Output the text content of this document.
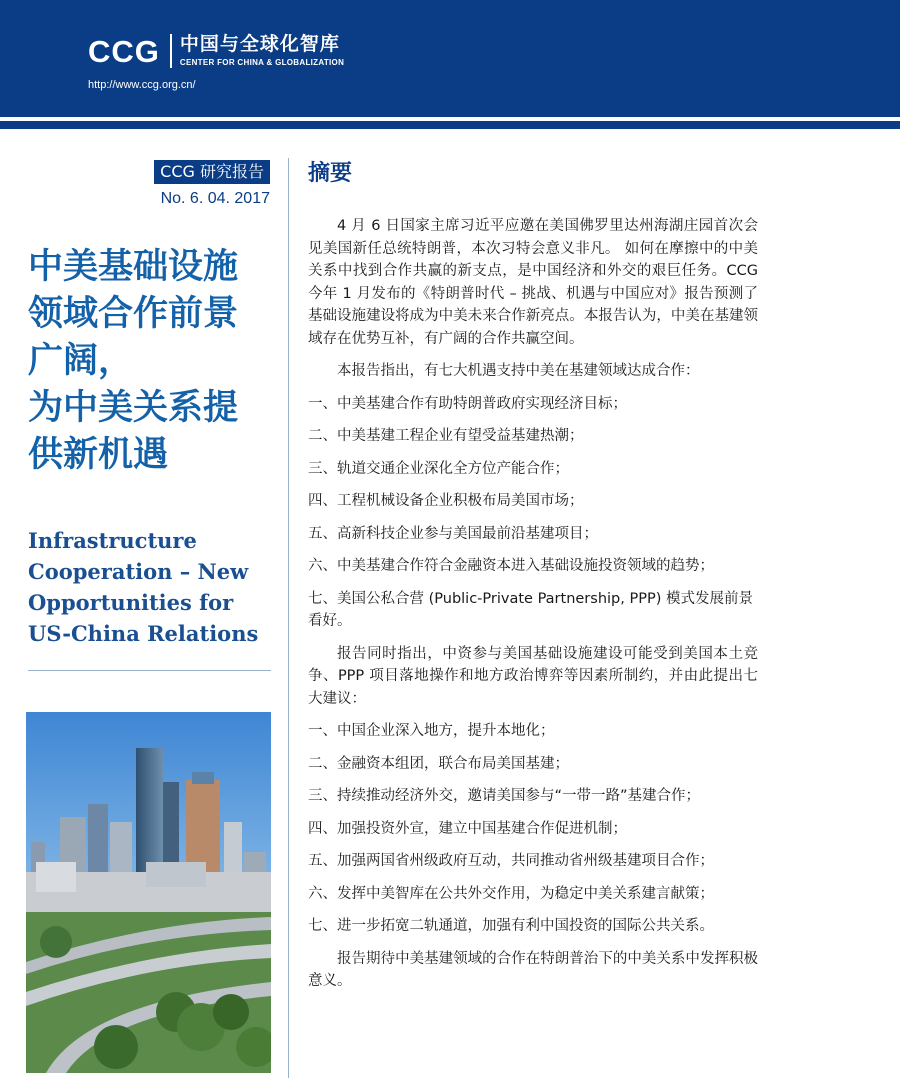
CCG 中国与全球化智库
CENTER FOR CHINA & GLOBALIZATION
http://www.ccg.org.cn/
CCG 研究报告
No. 6. 04. 2017
中美基础设施
领域合作前景
广阔，
为中美关系提
供新机遇
Infrastructure
Cooperation – New
Opportunities for
US-China Relations
摘要

4 月 6 日国家主席习近平应邀在美国佛罗里达州海湖庄园首次会见美国新任总统特朗普，本次习特会意义非凡。 如何在摩擦中的中美关系中找到合作共赢的新支点，是中国经济和外交的艰巨任务。CCG 今年 1 月发布的《特朗普时代 – 挑战、机遇与中国应对》报告预测了基础设施建设将成为中美未来合作新亮点。本报告认为，中美在基建领域存在优势互补，有广阔的合作共赢空间。

本报告指出，有七大机遇支持中美在基建领域达成合作：

一、中美基建合作有助特朗普政府实现经济目标；

二、中美基建工程企业有望受益基建热潮；

三、轨道交通企业深化全方位产能合作；

四、工程机械设备企业积极布局美国市场；

五、高新科技企业参与美国最前沿基建项目；

六、中美基建合作符合金融资本进入基础设施投资领域的趋势；

七、美国公私合营 (Public-Private Partnership, PPP) 模式发展前景看好。

报告同时指出，中资参与美国基础设施建设可能受到美国本土竞争、PPP 项目落地操作和地方政治博弈等因素所制约，并由此提出七大建议：

一、中国企业深入地方，提升本地化；

二、金融资本组团，联合布局美国基建；

三、持续推动经济外交，邀请美国参与“一带一路”基建合作；

四、加强投资外宣，建立中国基建合作促进机制；

五、加强两国省州级政府互动，共同推动省州级基建项目合作；

六、发挥中美智库在公共外交作用，为稳定中美关系建言献策；

七、进一步拓宽二轨通道，加强有利中国投资的国际公共关系。

报告期待中美基建领域的合作在特朗普治下的中美关系中发挥积极意义。
